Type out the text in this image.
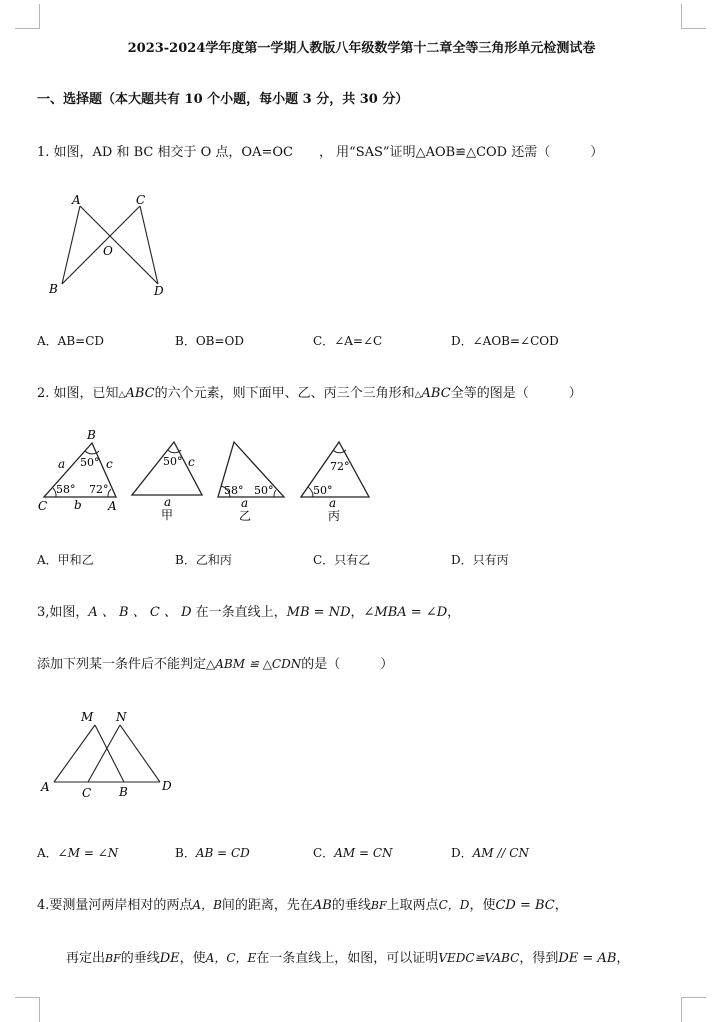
2023-2024学年度第一学期人教版八年级数学第十二章全等三角形单元检测试卷
一、选择题（本大题共有 10 个小题，每小题 3 分，共 30 分）
1. 如图，AD 和 BC 相交于 O 点，OA=OC ， 用“SAS”证明△AOB≌△COD 还需（	）
A	C
O
B	D
A．AB=CD	B．OB=OD	C．∠A=∠C	D．∠AOB=∠COD
2. 如图，已知△ABC的六个元素，则下面甲、乙、丙三个三角形和△ABC全等的图是（	）
B
a	c
50°
58° 72°
b
C	A
50° c
a
甲
58° 50°
a
乙
72°
50°
a
丙
A．甲和乙	B．乙和丙	C．只有乙	D．只有丙
3,如图，A 、 B 、 C 、 D 在一条直线上，MB = ND，∠MBA = ∠D，
添加下列某一条件后不能判定△ABM ≌ △CDN的是（	）
M N
A	C B	D
A．∠M = ∠N	B．AB = CD	C．AM = CN	D．AM // CN
4.要测量河两岸相对的两点A，B间的距离，先在AB的垂线BF上取两点C，D，使CD = BC，
再定出BF的垂线DE，使A，C，E在一条直线上，如图，可以证明VEDC≌VABC，得到DE = AB，
